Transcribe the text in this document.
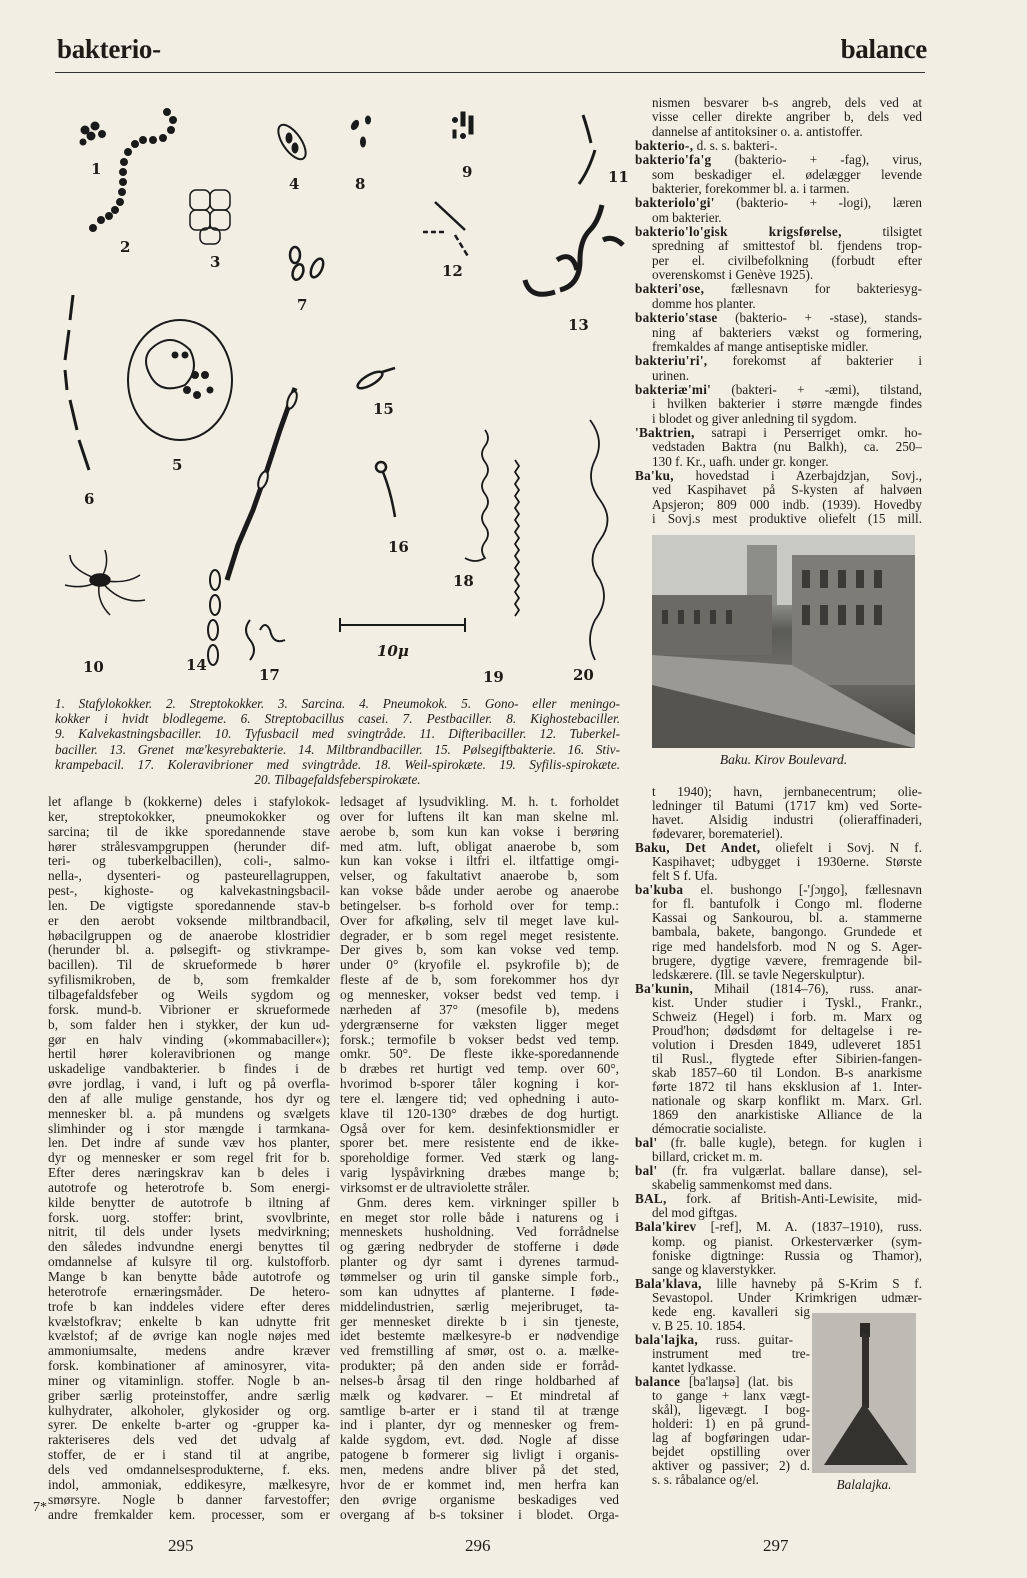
bakterio-	balance
1
2
3
4
5
6
7
8
9
10
11
12
13
14
15
16
17
18
19	20
10μ
1. Stafylokokker. 2. Streptokokker. 3. Sarcina. 4. Pneumokok. 5. Gono- eller meningo-
kokker i hvidt blodlegeme. 6. Streptobacillus casei. 7. Pestbaciller. 8. Kighostebaciller.
9. Kalvekastningsbaciller. 10. Tyfusbacil med svingtråde. 11. Difteribaciller. 12. Tuberkel-
baciller. 13. Grenet mæ'kesyrebakterie. 14. Miltbrandbaciller. 15. Pølsegiftbakterie. 16. Stiv-
krampebacil. 17. Koleravibrioner med svingtråde. 18. Weil-spirokæte. 19. Syfilis-spirokæte.
20. Tilbagefaldsfeberspirokæte.
let aflange b (kokkerne) deles i stafylokok-
ker, streptokokker, pneumokokker og
sarcina; til de ikke sporedannende stave
hører strålesvampgruppen (herunder dif-
teri- og tuberkelbacillen), coli-, salmo-
nella-, dysenteri- og pasteurellagruppen,
pest-, kighoste- og kalvekastningsbacil-
len. De vigtigste sporedannende stav-b
er den aerobt voksende miltbrandbacil,
høbacilgruppen og de anaerobe klostridier
(herunder bl. a. pølsegift- og stivkrampe-
bacillen). Til de skrueformede b hører
syfilismikroben, de b, som fremkalder
tilbagefaldsfeber og Weils sygdom og
forsk. mund-b. Vibrioner er skrueformede
b, som falder hen i stykker, der kun ud-
gør en halv vinding (»kommabaciller«);
hertil hører koleravibrionen og mange
uskadelige vandbakterier. b findes i de
øvre jordlag, i vand, i luft og på overfla-
den af alle mulige genstande, hos dyr og
mennesker bl. a. på mundens og svælgets
slimhinder og i stor mængde i tarmkana-
len. Det indre af sunde væv hos planter,
dyr og mennesker er som regel frit for b.
Efter deres næringskrav kan b deles i
autotrofe og heterotrofe b. Som energi-
kilde benytter de autotrofe b iltning af
forsk. uorg. stoffer: brint, svovlbrinte,
nitrit, til dels under lysets medvirkning;
den således indvundne energi benyttes til
omdannelse af kulsyre til org. kulstofforb.
Mange b kan benytte både autotrofe og
heterotrofe ernæringsmåder. De hetero-
trofe b kan inddeles videre efter deres
kvælstofkrav; enkelte b kan udnytte frit
kvælstof; af de øvrige kan nogle nøjes med
ammoniumsalte, medens andre kræver
forsk. kombinationer af aminosyrer, vita-
miner og vitaminlign. stoffer. Nogle b an-
griber særlig proteinstoffer, andre særlig
kulhydrater, alkoholer, glykosider og org.
syrer. De enkelte b-arter og -grupper ka-
rakteriseres dels ved det udvalg af
stoffer, de er i stand til at angribe,
dels ved omdannelsesprodukterne, f. eks.
indol, ammoniak, eddikesyre, mælkesyre,
smørsyre. Nogle b danner farvestoffer;
andre fremkalder kem. processer, som er
ledsaget af lysudvikling. M. h. t. forholdet
over for luftens ilt kan man skelne ml.
aerobe b, som kun kan vokse i berøring
med atm. luft, obligat anaerobe b, som
kun kan vokse i iltfri el. iltfattige omgi-
velser, og fakultativt anaerobe b, som
kan vokse både under aerobe og anaerobe
betingelser. b-s forhold over for temp.:
Over for afkøling, selv til meget lave kul-
degrader, er b som regel meget resistente.
Der gives b, som kan vokse ved temp.
under 0° (kryofile el. psykrofile b); de
fleste af de b, som forekommer hos dyr
og mennesker, vokser bedst ved temp. i
nærheden af 37° (mesofile b), medens
ydergrænserne for væksten ligger meget
forsk.; termofile b vokser bedst ved temp.
omkr. 50°. De fleste ikke-sporedannende
b dræbes ret hurtigt ved temp. over 60°,
hvorimod b-sporer tåler kogning i kor-
tere el. længere tid; ved ophedning i auto-
klave til 120-130° dræbes de dog hurtigt.
Også over for kem. desinfektionsmidler er
sporer bet. mere resistente end de ikke-
sporeholdige former. Ved stærk og lang-
varig lyspåvirkning dræbes mange b;
virksomst er de ultraviolette stråler.
Gnm. deres kem. virkninger spiller b
en meget stor rolle både i naturens og i
menneskets husholdning. Ved forrådnelse
og gæring nedbryder de stofferne i døde
planter og dyr samt i dyrenes tarmud-
tømmelser og urin til ganske simple forb.,
som kan udnyttes af planterne. I føde-
middelindustrien, særlig mejeribruget, ta-
ger mennesket direkte b i sin tjeneste,
idet bestemte mælkesyre-b er nødvendige
ved fremstilling af smør, ost o. a. mælke-
produkter; på den anden side er forråd-
nelses-b årsag til den ringe holdbarhed af
mælk og kødvarer. – Et mindretal af
samtlige b-arter er i stand til at trænge
ind i planter, dyr og mennesker og frem-
kalde sygdom, evt. død. Nogle af disse
patogene b formerer sig livligt i organis-
men, medens andre bliver på det sted,
hvor de er kommet ind, men herfra kan
den øvrige organisme beskadiges ved
overgang af b-s toksiner i blodet. Orga-
nismen besvarer b-s angreb, dels ved at
visse celler direkte angriber b, dels ved
dannelse af antitoksiner o. a. antistoffer.
bakterio-, d. s. s. bakteri-.
bakterio'fa'g (bakterio- + -fag), virus,
som beskadiger el. ødelægger levende
bakterier, forekommer bl. a. i tarmen.
bakteriolo'gi' (bakterio- + -logi), læren
om bakterier.
bakterio'lo'gisk krigsførelse, tilsigtet
spredning af smittestof bl. fjendens trop-
per el. civilbefolkning (forbudt efter
overenskomst i Genève 1925).
bakteri'ose, fællesnavn for bakteriesyg-
domme hos planter.
bakterio'stase (bakterio- + -stase), stands-
ning af bakteriers vækst og formering,
fremkaldes af mange antiseptiske midler.
bakteriu'ri', forekomst af bakterier i
urinen.
bakteriæ'mi' (bakteri- + -æmi), tilstand,
i hvilken bakterier i større mængde findes
i blodet og giver anledning til sygdom.
'Baktrien, satrapi i Perserriget omkr. ho-
vedstaden Baktra (nu Balkh), ca. 250–
130 f. Kr., uafh. under gr. konger.
Ba'ku, hovedstad i Azerbajdzjan, Sovj.,
ved Kaspihavet på S-kysten af halvøen
Apsjeron; 809 000 indb. (1939). Hovedby
i Sovj.s mest produktive oliefelt (15 mill.
Baku. Kirov Boulevard.
t 1940); havn, jernbanecentrum; olie-
ledninger til Batumi (1717 km) ved Sorte-
havet. Alsidig industri (olieraffinaderi,
fødevarer, boremateriel).
Baku, Det Andet, oliefelt i Sovj. N f.
Kaspihavet; udbygget i 1930erne. Største
felt S f. Ufa.
ba'kuba el. bushongo [-'ʃɔŋgo], fællesnavn
for fl. bantufolk i Congo ml. floderne
Kassai og Sankourou, bl. a. stammerne
bambala, bakete, bangongo. Grundede et
rige med handelsforb. mod N og S. Ager-
brugere, dygtige vævere, fremragende bil-
ledskærere. (Ill. se tavle Negerskulptur).
Ba'kunin, Mihail (1814–76), russ. anar-
kist. Under studier i Tyskl., Frankr.,
Schweiz (Hegel) i forb. m. Marx og
Proud'hon; dødsdømt for deltagelse i re-
volution i Dresden 1849, udleveret 1851
til Rusl., flygtede efter Sibirien-fangen-
skab 1857–60 til London. B-s anarkisme
førte 1872 til hans eksklusion af 1. Inter-
nationale og skarp konflikt m. Marx. Grl.
1869 den anarkistiske Alliance de la
démocratie socialiste.
bal' (fr. balle kugle), betegn. for kuglen i
billard, cricket m. m.
bal' (fr. fra vulgærlat. ballare danse), sel-
skabelig sammenkomst med dans.
BAL, fork. af British-Anti-Lewisite, mid-
del mod giftgas.
Bala'kirev [-ref], M. A. (1837–1910), russ.
komp. og pianist. Orkesterværker (sym-
foniske digtninge: Russia og Thamor),
sange og klaverstykker.
Bala'klava, lille havneby på S-Krim S f.
Sevastopol. Under Krimkrigen udmær-
kede eng. kavalleri sig
v. B 25. 10. 1854.
bala'lajka, russ. guitar-
instrument med tre-
kantet lydkasse.
balance [ba'laŋsə] (lat. bis
to gange + lanx vægt-
skål), ligevægt. I bog-
holderi: 1) en på grund-
lag af bogføringen udar-
bejdet opstilling over
aktiver og passiver; 2) d.
s. s. råbalance og/el.	Balalajka.
295	296	297
7*
